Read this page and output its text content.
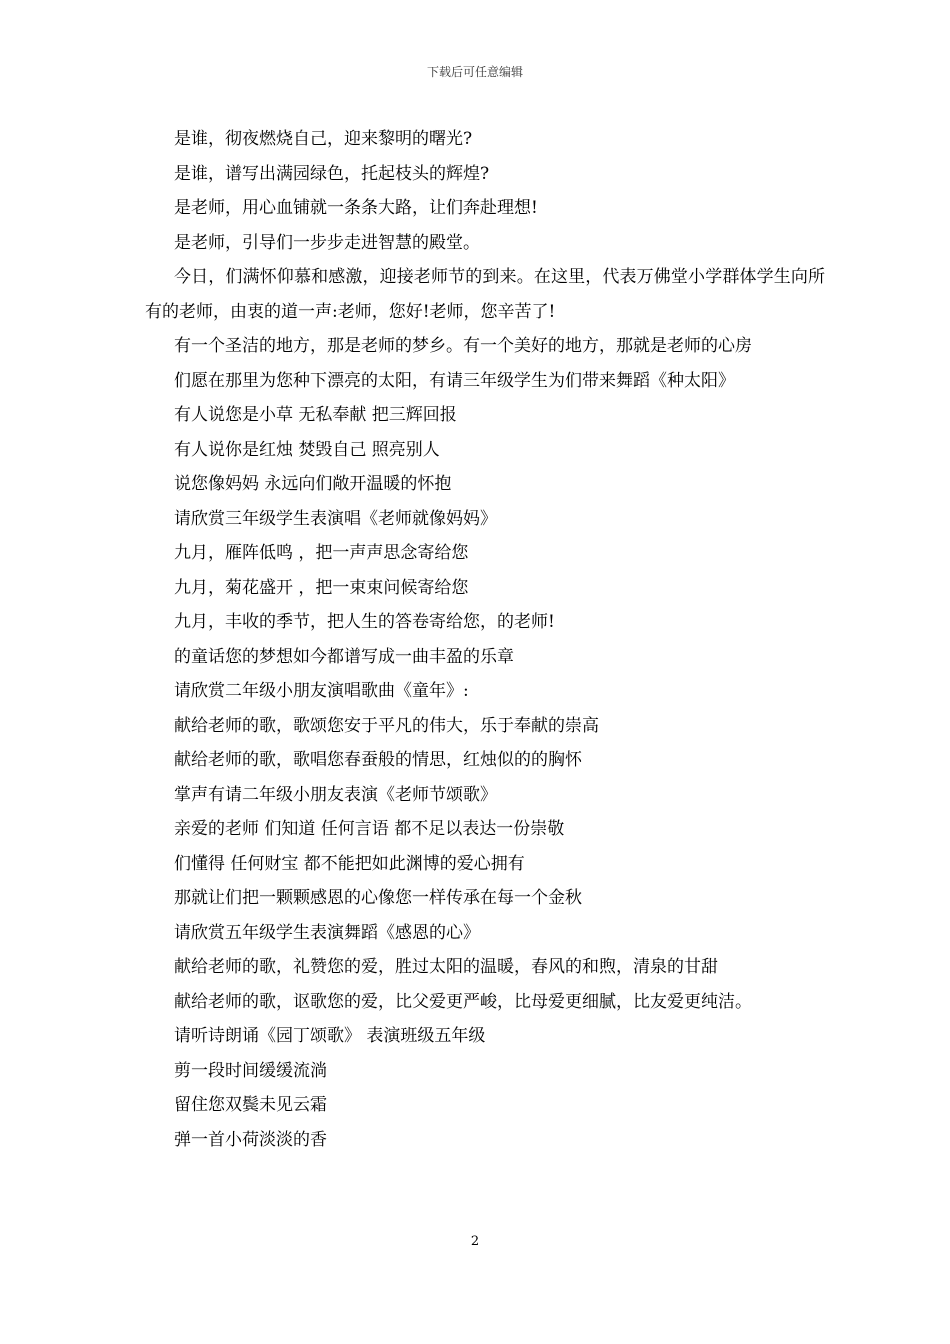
下载后可任意编辑

是谁，彻夜燃烧自己，迎来黎明的曙光?

是谁，谱写出满园绿色，托起枝头的辉煌?

是老师，用心血铺就一条条大路，让们奔赴理想!

是老师，引导们一步步走进智慧的殿堂。

今日，们满怀仰慕和感激，迎接老师节的到来。在这里，代表万佛堂小学群体学生向所有的老师，由衷的道一声:老师，您好!老师，您辛苦了!

有一个圣洁的地方，那是老师的梦乡。有一个美好的地方，那就是老师的心房

们愿在那里为您种下漂亮的太阳，有请三年级学生为们带来舞蹈《种太阳》

有人说您是小草 无私奉献 把三辉回报

有人说你是红烛 焚毁自己 照亮别人

说您像妈妈 永远向们敞开温暖的怀抱

请欣赏三年级学生表演唱《老师就像妈妈》

九月，雁阵低鸣 ，把一声声思念寄给您

九月，菊花盛开 ，把一束束问候寄给您

九月，丰收的季节，把人生的答卷寄给您，的老师!

的童话您的梦想如今都谱写成一曲丰盈的乐章

请欣赏二年级小朋友演唱歌曲《童年》:

献给老师的歌，歌颂您安于平凡的伟大，乐于奉献的崇高

献给老师的歌，歌唱您春蚕般的情思，红烛似的的胸怀

掌声有请二年级小朋友表演《老师节颂歌》

亲爱的老师 们知道 任何言语 都不足以表达一份崇敬

们懂得 任何财宝 都不能把如此渊博的爱心拥有

那就让们把一颗颗感恩的心像您一样传承在每一个金秋

请欣赏五年级学生表演舞蹈《感恩的心》

献给老师的歌，礼赞您的爱，胜过太阳的温暖，春风的和煦，清泉的甘甜

献给老师的歌，讴歌您的爱，比父爱更严峻，比母爱更细腻，比友爱更纯洁。

请听诗朗诵《园丁颂歌》 表演班级五年级

剪一段时间缓缓流淌

留住您双鬓未见云霜

弹一首小荷淡淡的香

2
